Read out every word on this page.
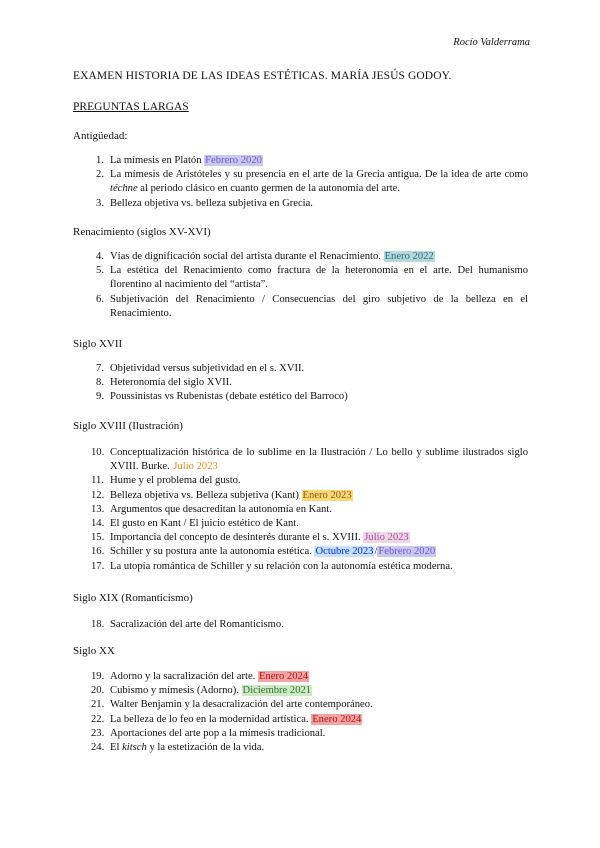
Rocío Valderrama
EXAMEN HISTORIA DE LAS IDEAS ESTÉTICAS. MARÍA JESÚS GODOY.
PREGUNTAS LARGAS
Antigüedad:
1. La mímesis en Platón Febrero 2020
2. La mímesis de Aristóteles y su presencia en el arte de la Grecia antigua. De la idea de arte como téchne al periodo clásico en cuanto germen de la autonomía del arte.
3. Belleza objetiva vs. belleza subjetiva en Grecia.
Renacimiento (siglos XV-XVI)
4. Vías de dignificación social del artista durante el Renacimiento. Enero 2022
5. La estética del Renacimiento como fractura de la heteronomía en el arte. Del humanismo florentino al nacimiento del “artista”.
6. Subjetivación del Renacimiento / Consecuencias del giro subjetivo de la belleza en el Renacimiento.
Siglo XVII
7. Objetividad versus subjetividad en el s. XVII.
8. Heteronomía del siglo XVII.
9. Poussinistas vs Rubenistas (debate estético del Barroco)
Siglo XVIII (Ilustración)
10. Conceptualización histórica de lo sublime en la Ilustración / Lo bello y sublime ilustrados siglo XVIII. Burke. Julio 2023
11. Hume y el problema del gusto.
12. Belleza objetiva vs. Belleza subjetiva (Kant) Enero 2023
13. Argumentos que desacreditan la autonomía en Kant.
14. El gusto en Kant / El juicio estético de Kant.
15. Importancia del concepto de desinterés durante el s. XVIII. Julio 2023
16. Schiller y su postura ante la autonomía estética. Octubre 2023/Febrero 2020
17. La utopía romántica de Schiller y su relación con la autonomía estética moderna.
Siglo XIX (Romanticismo)
18. Sacralización del arte del Romanticismo.
Siglo XX
19. Adorno y la sacralización del arte. Enero 2024
20. Cubismo y mímesis (Adorno). Diciembre 2021
21. Walter Benjamin y la desacralización del arte contemporáneo.
22. La belleza de lo feo en la modernidad artística. Enero 2024
23. Aportaciones del arte pop a la mímesis tradicional.
24. El kitsch y la estetización de la vida.
